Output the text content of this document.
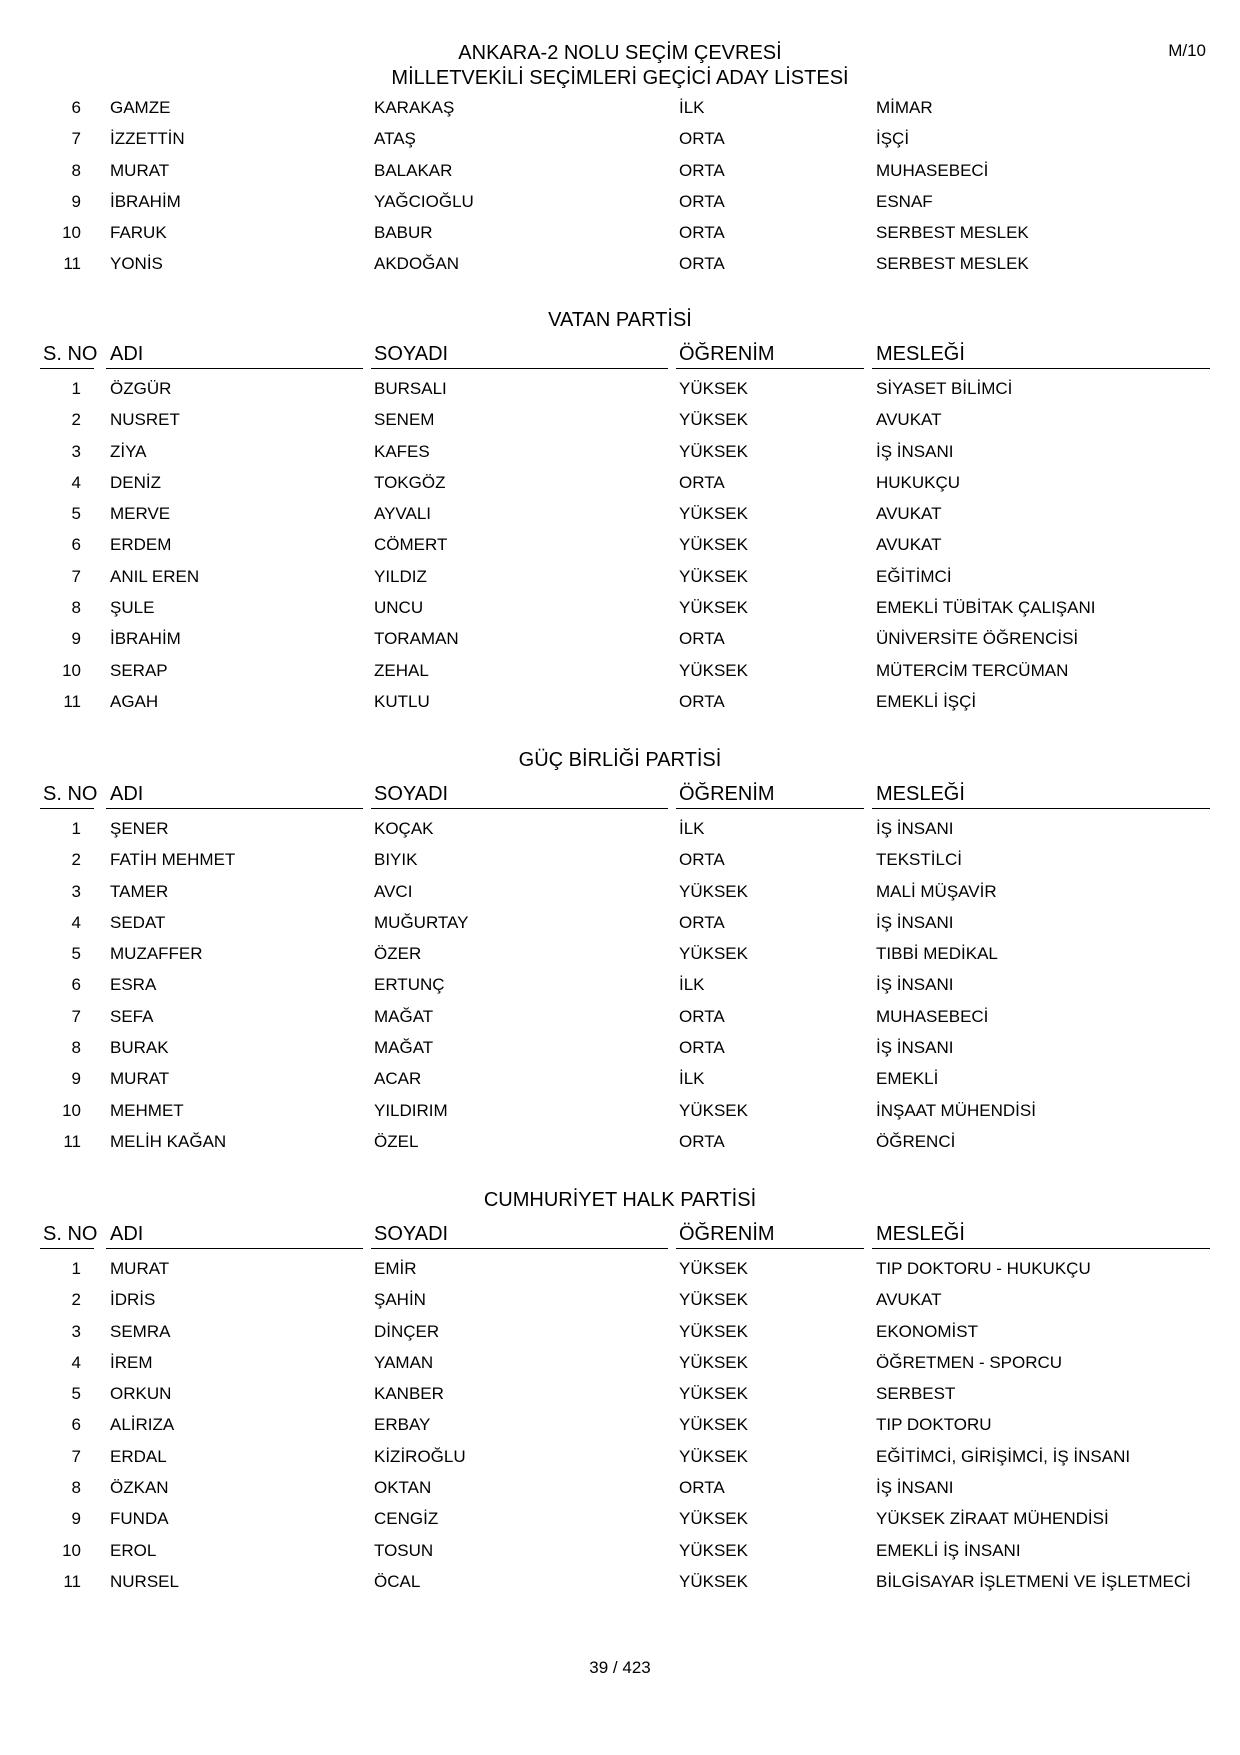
ANKARA-2 NOLU SEÇİM ÇEVRESİ
MİLLETVEKİLİ SEÇİMLERİ GEÇİCİ ADAY LİSTESİ
M/10
6 GAMZE	KARAKAŞ	İLK	MİMAR
7 İZZETTİN	ATAŞ	ORTA	İŞÇİ
8 MURAT	BALAKAR	ORTA	MUHASEBECİ
9 İBRAHİM	YAĞCIOĞLU	ORTA	ESNAF
10 FARUK	BABUR	ORTA	SERBEST MESLEK
11 YONİS	AKDOĞAN	ORTA	SERBEST MESLEK
VATAN PARTİSİ
S. NO ADI	SOYADI	ÖĞRENİM	MESLEĞİ
1 ÖZGÜR	BURSALI	YÜKSEK	SİYASET BİLİMCİ
2 NUSRET	SENEM	YÜKSEK	AVUKAT
3 ZİYA	KAFES	YÜKSEK	İŞ İNSANI
4 DENİZ	TOKGÖZ	ORTA	HUKUKÇU
5 MERVE	AYVALI	YÜKSEK	AVUKAT
6 ERDEM	CÖMERT	YÜKSEK	AVUKAT
7 ANIL EREN	YILDIZ	YÜKSEK	EĞİTİMCİ
8 ŞULE	UNCU	YÜKSEK	EMEKLİ TÜBİTAK ÇALIŞANI
9 İBRAHİM	TORAMAN	ORTA	ÜNİVERSİTE ÖĞRENCİSİ
10 SERAP	ZEHAL	YÜKSEK	MÜTERCİM TERCÜMAN
11 AGAH	KUTLU	ORTA	EMEKLİ İŞÇİ
GÜÇ BİRLİĞİ PARTİSİ
S. NO ADI	SOYADI	ÖĞRENİM	MESLEĞİ
1 ŞENER	KOÇAK	İLK	İŞ İNSANI
2 FATİH MEHMET	BIYIK	ORTA	TEKSTİLCİ
3 TAMER	AVCI	YÜKSEK	MALİ MÜŞAVİR
4 SEDAT	MUĞURTAY	ORTA	İŞ İNSANI
5 MUZAFFER	ÖZER	YÜKSEK	TIBBİ MEDİKAL
6 ESRA	ERTUNÇ	İLK	İŞ İNSANI
7 SEFA	MAĞAT	ORTA	MUHASEBECİ
8 BURAK	MAĞAT	ORTA	İŞ İNSANI
9 MURAT	ACAR	İLK	EMEKLİ
10 MEHMET	YILDIRIM	YÜKSEK	İNŞAAT MÜHENDİSİ
11 MELİH KAĞAN	ÖZEL	ORTA	ÖĞRENCİ
CUMHURİYET HALK PARTİSİ
S. NO ADI	SOYADI	ÖĞRENİM	MESLEĞİ
1 MURAT	EMİR	YÜKSEK	TIP DOKTORU - HUKUKÇU
2 İDRİS	ŞAHİN	YÜKSEK	AVUKAT
3 SEMRA	DİNÇER	YÜKSEK	EKONOMİST
4 İREM	YAMAN	YÜKSEK	ÖĞRETMEN - SPORCU
5 ORKUN	KANBER	YÜKSEK	SERBEST
6 ALİRIZA	ERBAY	YÜKSEK	TIP DOKTORU
7 ERDAL	KİZİROĞLU	YÜKSEK	EĞİTİMCİ, GİRİŞİMCİ, İŞ İNSANI
8 ÖZKAN	OKTAN	ORTA	İŞ İNSANI
9 FUNDA	CENGİZ	YÜKSEK	YÜKSEK ZİRAAT MÜHENDİSİ
10 EROL	TOSUN	YÜKSEK	EMEKLİ İŞ İNSANI
11 NURSEL	ÖCAL	YÜKSEK	BİLGİSAYAR İŞLETMENİ VE İŞLETMECİ
39 / 423
